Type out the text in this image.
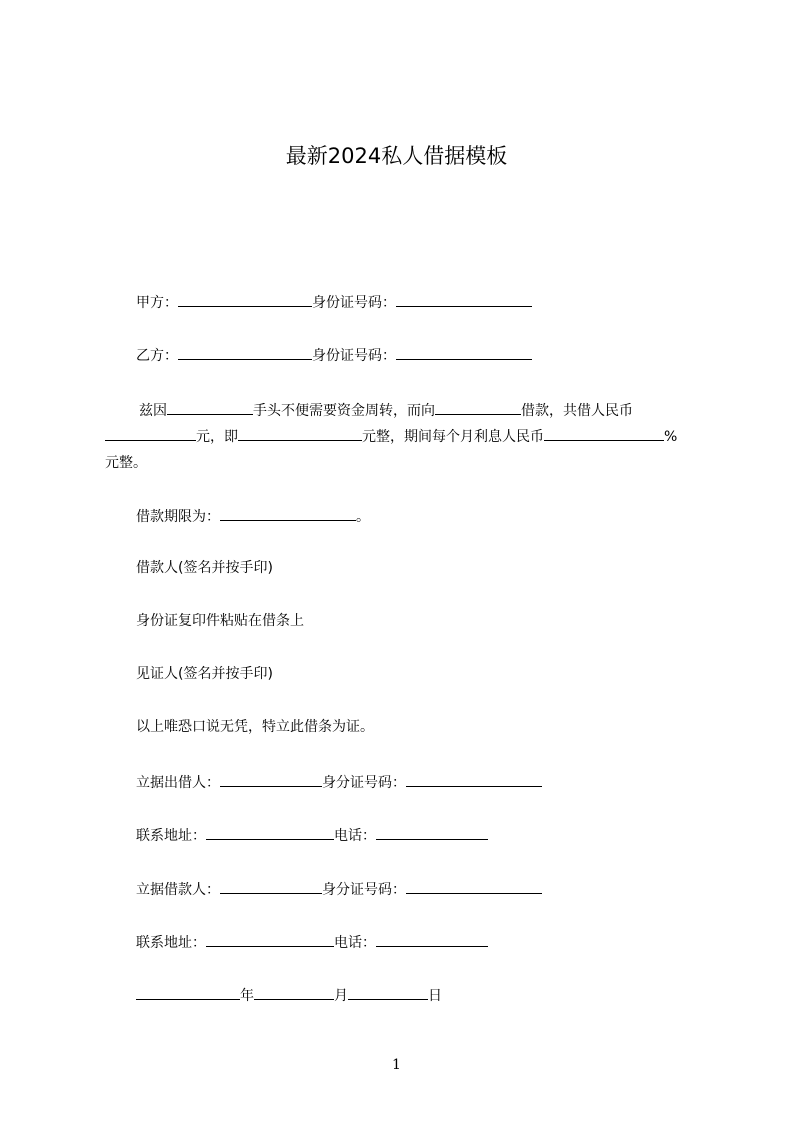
最新2024私人借据模板
甲方：	身份证号码：
乙方：	身份证号码：
兹因	手头不便需要资金周转，而向	借款，共借人民币元，即	元整，期间每个月利息人民币	%
元整。
借款期限为：	。
借款人(签名并按手印)
身份证复印件粘贴在借条上
见证人(签名并按手印)
以上唯恐口说无凭，特立此借条为证。
立据出借人：	身分证号码：
联系地址：	电话：
立据借款人：	身分证号码：
联系地址：	电话：
年	月	日
1
